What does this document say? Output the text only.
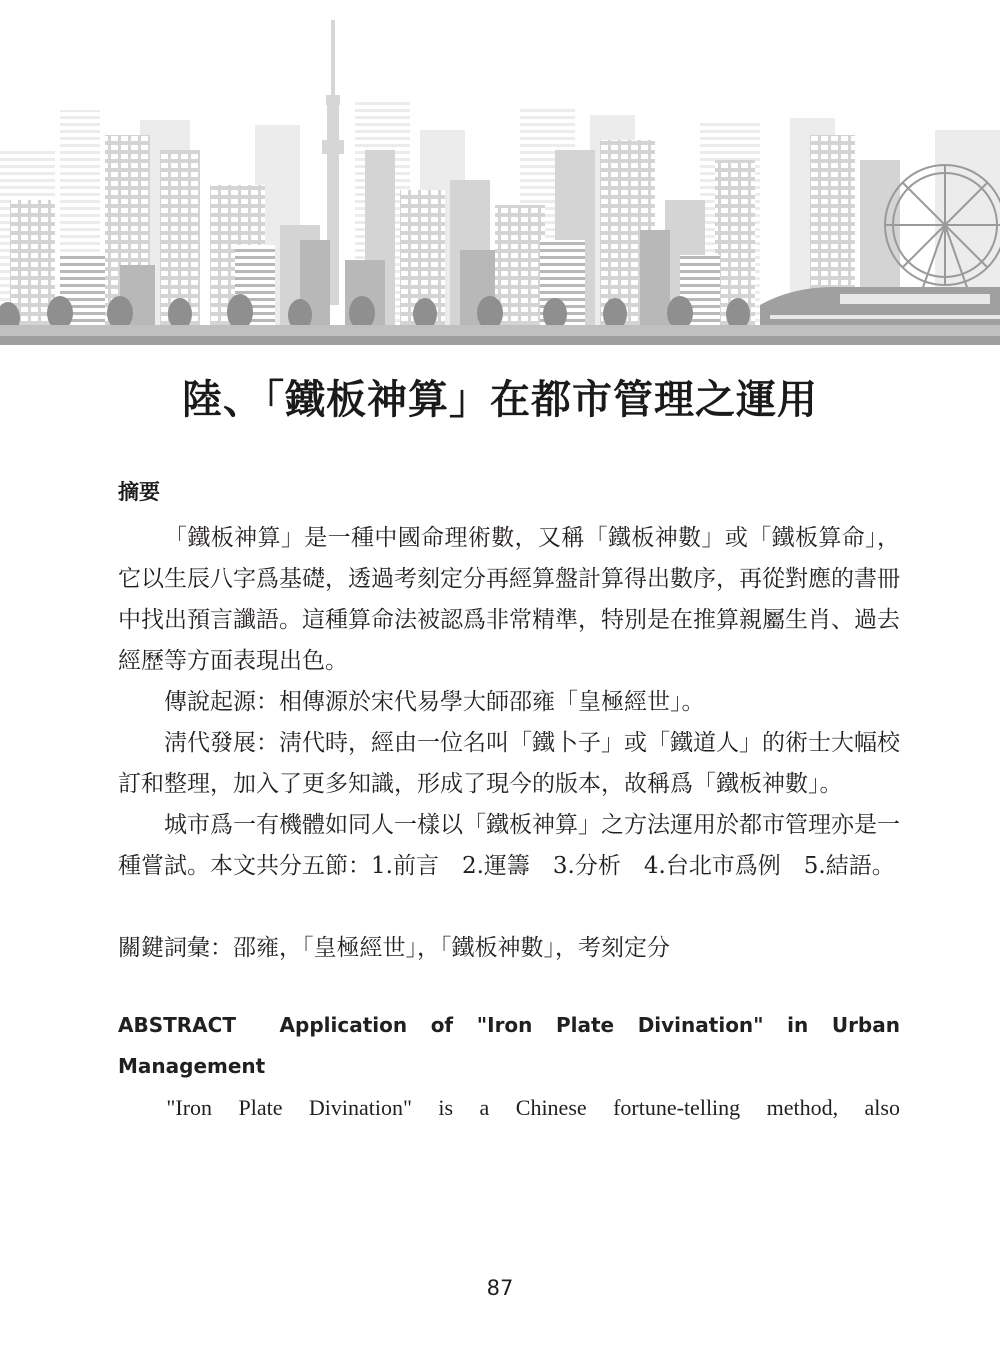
陸、「鐵板神算」在都市管理之運用
摘要

「鐵板神算」是一種中國命理術數，又稱「鐵板神數」或「鐵板算命」，它以生辰八字爲基礎，透過考刻定分再經算盤計算得出數序，再從對應的書冊中找出預言讖語。這種算命法被認爲非常精準，特別是在推算親屬生肖、過去經歷等方面表現出色。

傳說起源：相傳源於宋代易學大師邵雍「皇極經世」。

淸代發展：淸代時，經由一位名叫「鐵卜子」或「鐵道人」的術士大幅校訂和整理，加入了更多知識，形成了現今的版本，故稱爲「鐵板神數」。

城市爲一有機體如同人一樣以「鐵板神算」之方法運用於都市管理亦是一種嘗試。本文共分五節：1.前言　2.運籌　3.分析　4.台北市爲例　5.結語。

關鍵詞彙：邵雍，「皇極經世」，「鐵板神數」，考刻定分

ABSTRACT Application of "Iron Plate Divination" in Urban Management

"Iron Plate Divination" is a Chinese fortune-telling method, also

87
